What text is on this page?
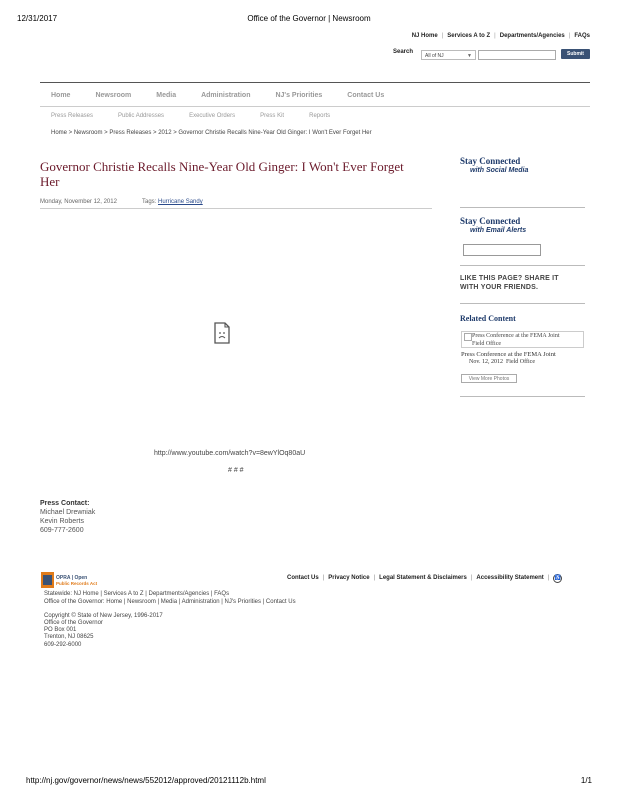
12/31/2017	Office of the Governor | Newsroom
NJ Home | Services A to Z | Departments/Agencies | FAQs
Search
All of NJ	▼	Submit
Home	Newsroom	Media	Administration	NJ's Priorities	Contact Us
Press Releases	Public Addresses	Executive Orders	Press Kit	Reports
Home > Newsroom > Press Releases > 2012 > Governor Christie Recalls Nine-Year Old Ginger: I Won't Ever Forget Her
Governor Christie Recalls Nine-Year Old Ginger: I Won't Ever Forget Her
Monday, November 12, 2012	Tags: Hurricane Sandy
http://www.youtube.com/watch?v=8ewYlOq80aU
# # #
Press Contact:
Michael Drewniak
Kevin Roberts
609-777-2600
Stay Connected
with Social Media
Stay Connected
with Email Alerts
LIKE THIS PAGE? SHARE IT
WITH YOUR FRIENDS.
Related Content
Press Conference at the FEMA Joint
Field Office
Press Conference at the FEMA Joint
Nov. 12, 2012 Field Office
View More Photos
OPRA | Open
Public Records Act
Contact Us | Privacy Notice | Legal Statement & Disclaimers | Accessibility Statement | ♿
Statewide: NJ Home | Services A to Z | Departments/Agencies | FAQs
Office of the Governor: Home | Newsroom | Media | Administration | NJ's Priorities | Contact Us
Copyright © State of New Jersey, 1996-2017
Office of the Governor
PO Box 001
Trenton, NJ 08625
609-292-6000
http://nj.gov/governor/news/news/552012/approved/20121112b.html	1/1
